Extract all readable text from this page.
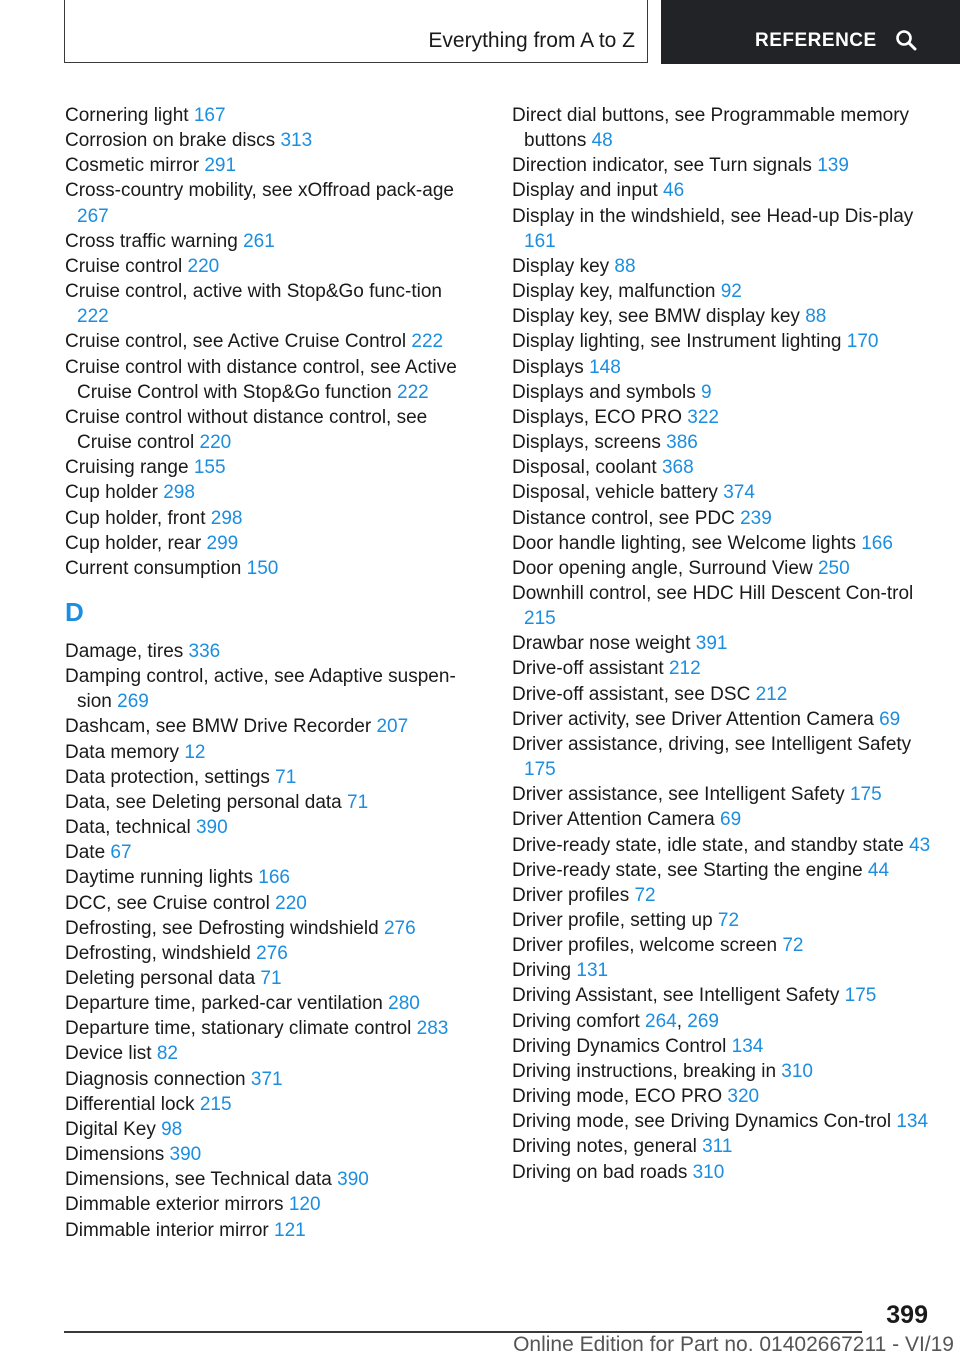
Everything from A to Z	REFERENCE
Cornering light 167
Corrosion on brake discs 313
Cosmetic mirror 291
Cross-country mobility, see xOffroad pack-age 267
Cross traffic warning 261
Cruise control 220
Cruise control, active with Stop&Go func-tion 222
Cruise control, see Active Cruise Control 222
Cruise control with distance control, see Active Cruise Control with Stop&Go function 222
Cruise control without distance control, see Cruise control 220
Cruising range 155
Cup holder 298
Cup holder, front 298
Cup holder, rear 299
Current consumption 150
D
Damage, tires 336
Damping control, active, see Adaptive suspen-sion 269
Dashcam, see BMW Drive Recorder 207
Data memory 12
Data protection, settings 71
Data, see Deleting personal data 71
Data, technical 390
Date 67
Daytime running lights 166
DCC, see Cruise control 220
Defrosting, see Defrosting windshield 276
Defrosting, windshield 276
Deleting personal data 71
Departure time, parked-car ventilation 280
Departure time, stationary climate control 283
Device list 82
Diagnosis connection 371
Differential lock 215
Digital Key 98
Dimensions 390
Dimensions, see Technical data 390
Dimmable exterior mirrors 120
Dimmable interior mirror 121
Direct dial buttons, see Programmable memory buttons 48
Direction indicator, see Turn signals 139
Display and input 46
Display in the windshield, see Head-up Dis-play 161
Display key 88
Display key, malfunction 92
Display key, see BMW display key 88
Display lighting, see Instrument lighting 170
Displays 148
Displays and symbols 9
Displays, ECO PRO 322
Displays, screens 386
Disposal, coolant 368
Disposal, vehicle battery 374
Distance control, see PDC 239
Door handle lighting, see Welcome lights 166
Door opening angle, Surround View 250
Downhill control, see HDC Hill Descent Con-trol 215
Drawbar nose weight 391
Drive-off assistant 212
Drive-off assistant, see DSC 212
Driver activity, see Driver Attention Camera 69
Driver assistance, driving, see Intelligent Safety 175
Driver assistance, see Intelligent Safety 175
Driver Attention Camera 69
Drive-ready state, idle state, and standby state 43
Drive-ready state, see Starting the engine 44
Driver profiles 72
Driver profile, setting up 72
Driver profiles, welcome screen 72
Driving 131
Driving Assistant, see Intelligent Safety 175
Driving comfort 264, 269
Driving Dynamics Control 134
Driving instructions, breaking in 310
Driving mode, ECO PRO 320
Driving mode, see Driving Dynamics Con-trol 134
Driving notes, general 311
Driving on bad roads 310
399
Online Edition for Part no. 01402667211 - VI/19
